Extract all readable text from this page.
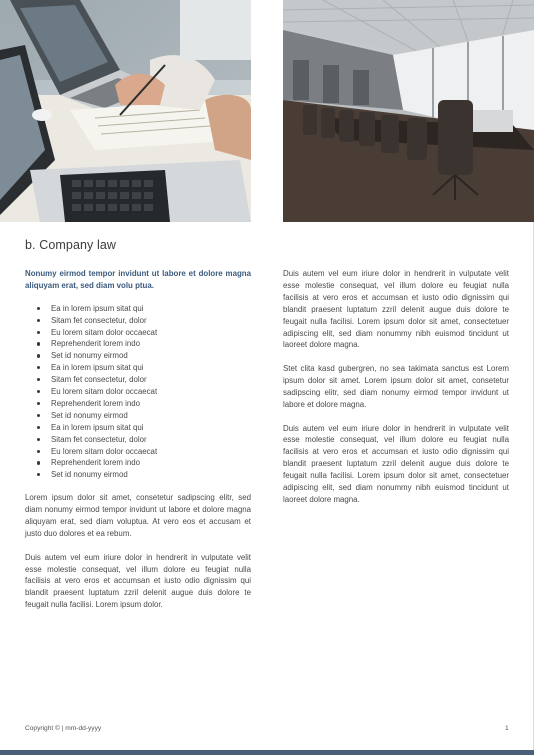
b. Company law

Nonumy eirmod tempor invidunt ut labore et dolore magna aliquyam erat, sed diam volu ptua.

Ea in lorem ipsum sitat qui
Sitam fet consectetur, dolor
Eu lorem sitam dolor occaecat
Reprehenderit lorem indo
Set id nonumy eirmod
Ea in lorem ipsum sitat qui
Sitam fet consectetur, dolor
Eu lorem sitam dolor occaecat
Reprehenderit lorem indo
Set id nonumy eirmod
Ea in lorem ipsum sitat qui
Sitam fet consectetur, dolor
Eu lorem sitam dolor occaecat
Reprehenderit lorem indo
Set id nonumy eirmod

Lorem ipsum dolor sit amet, consetetur sadipscing elitr, sed diam nonumy eirmod tempor invidunt ut labore et dolore magna aliquyam erat, sed diam voluptua. At vero eos et accusam et justo duo dolores et ea rebum.

Duis autem vel eum iriure dolor in hendrerit in vulputate velit esse molestie consequat, vel illum dolore eu feugiat nulla facilisis at vero eros et accumsan et iusto odio dignissim qui blandit praesent luptatum zzril delenit augue duis dolore te feugait nulla facilisi. Lorem ipsum dolor.

Duis autem vel eum iriure dolor in hendrerit in vulputate velit esse molestie consequat, vel illum dolore eu feugiat nulla facilisis at vero eros et accumsan et iusto odio dignissim qui blandit praesent luptatum zzril delenit augue duis dolore te feugait nulla facilisi. Lorem ipsum dolor sit amet, consectetuer adipiscing elit, sed diam nonummy nibh euismod tincidunt ut laoreet dolore magna.

Stet clita kasd gubergren, no sea takimata sanctus est Lorem ipsum dolor sit amet. Lorem ipsum dolor sit amet, consetetur sadipscing elitr, sed diam nonumy eirmod tempor invidunt ut labore et dolore magna.

Duis autem vel eum iriure dolor in hendrerit in vulputate velit esse molestie consequat, vel illum dolore eu feugiat nulla facilisis at vero eros et accumsan et iusto odio dignissim qui blandit praesent luptatum zzril delenit augue duis dolore te feugait nulla facilisi. Lorem ipsum dolor sit amet, consectetuer adipiscing elit, sed diam nonummy nibh euismod tincidunt ut laoreet dolore magna.

Copyright © | mm-dd-yyyy	1
